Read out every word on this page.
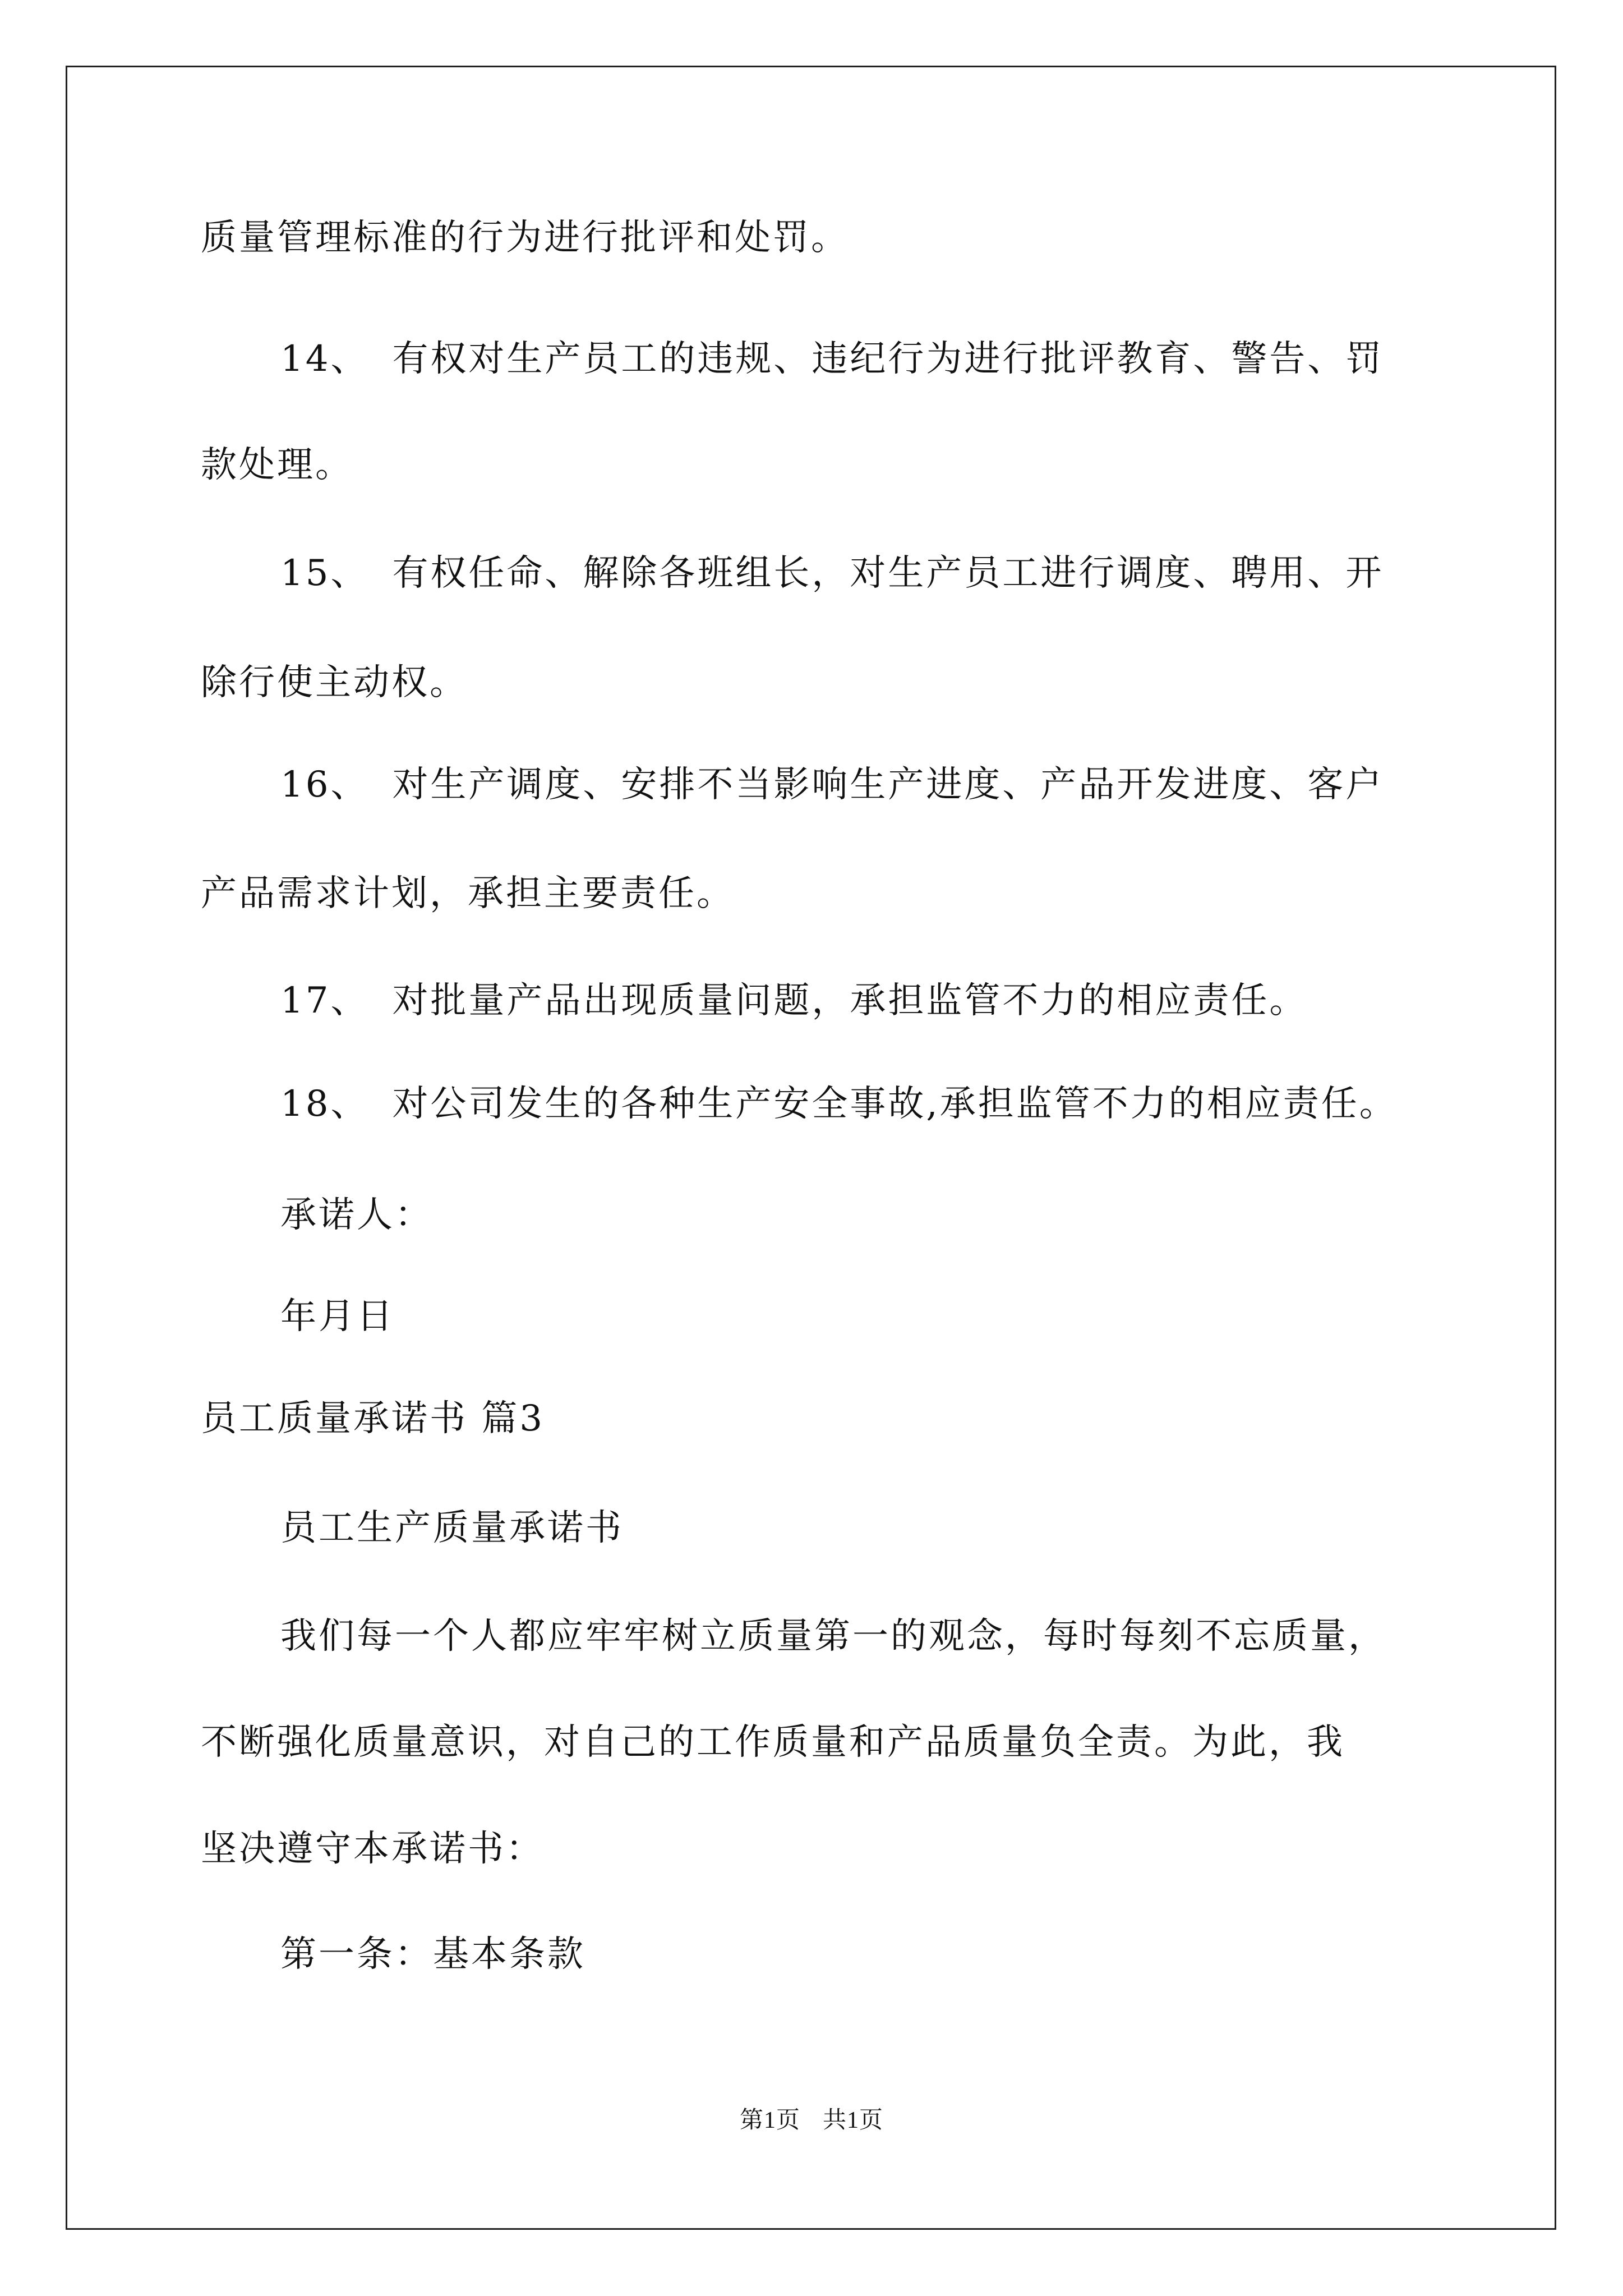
质量管理标准的行为进行批评和处罚。
14、 有权对生产员工的违规、违纪行为进行批评教育、警告、罚
款处理。
15、 有权任命、解除各班组长，对生产员工进行调度、聘用、开
除行使主动权。
16、 对生产调度、安排不当影响生产进度、产品开发进度、客户
产品需求计划，承担主要责任。
17、 对批量产品出现质量问题，承担监管不力的相应责任。
18、 对公司发生的各种生产安全事故,承担监管不力的相应责任。
承诺人：
年月日
员工质量承诺书 篇3
员工生产质量承诺书
我们每一个人都应牢牢树立质量第一的观念，每时每刻不忘质量，
不断强化质量意识，对自己的工作质量和产品质量负全责。为此，我
坚决遵守本承诺书：
第一条：基本条款
第1页 共1页
